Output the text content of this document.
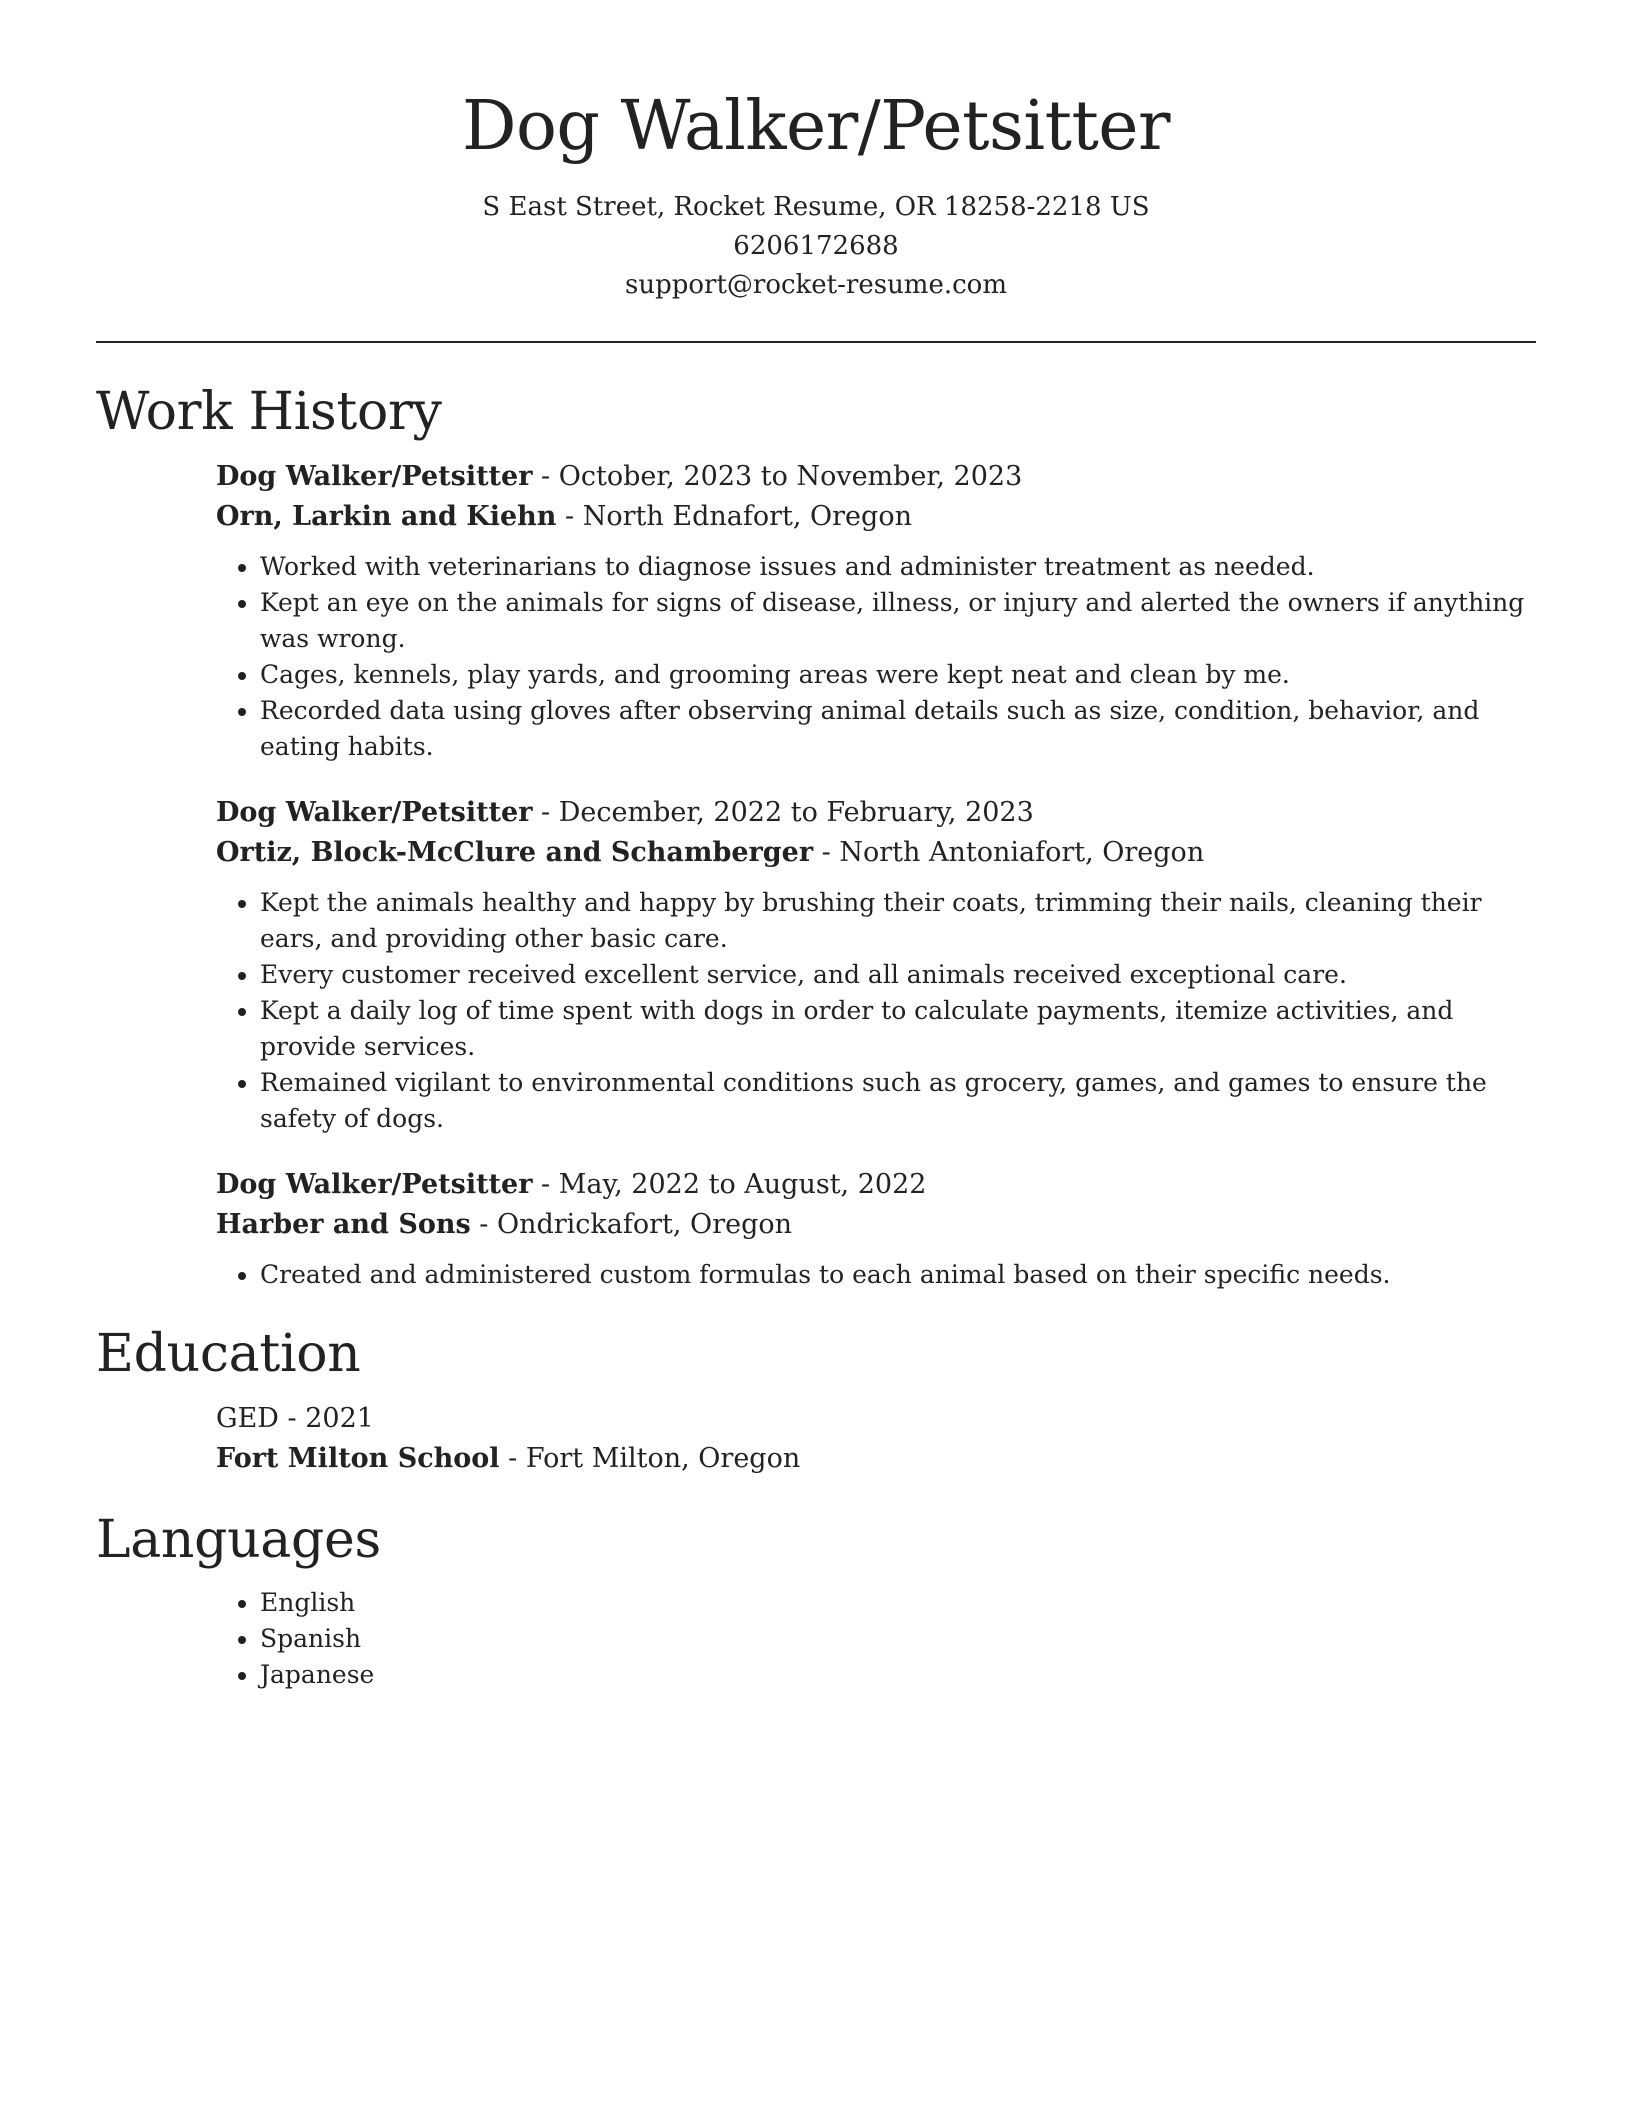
Dog Walker/Petsitter
S East Street, Rocket Resume, OR 18258-2218 US
6206172688
support@rocket-resume.com
Work History
Dog Walker/Petsitter - October, 2023 to November, 2023
Orn, Larkin and Kiehn - North Ednafort, Oregon
• Worked with veterinarians to diagnose issues and administer treatment as needed.
• Kept an eye on the animals for signs of disease, illness, or injury and alerted the owners if anything was wrong.
• Cages, kennels, play yards, and grooming areas were kept neat and clean by me.
• Recorded data using gloves after observing animal details such as size, condition, behavior, and eating habits.
Dog Walker/Petsitter - December, 2022 to February, 2023
Ortiz, Block-McClure and Schamberger - North Antoniafort, Oregon
• Kept the animals healthy and happy by brushing their coats, trimming their nails, cleaning their ears, and providing other basic care.
• Every customer received excellent service, and all animals received exceptional care.
• Kept a daily log of time spent with dogs in order to calculate payments, itemize activities, and provide services.
• Remained vigilant to environmental conditions such as grocery, games, and games to ensure the safety of dogs.
Dog Walker/Petsitter - May, 2022 to August, 2022
Harber and Sons - Ondrickafort, Oregon
• Created and administered custom formulas to each animal based on their specific needs.
Education
GED - 2021
Fort Milton School - Fort Milton, Oregon
Languages
• English
• Spanish
• Japanese
